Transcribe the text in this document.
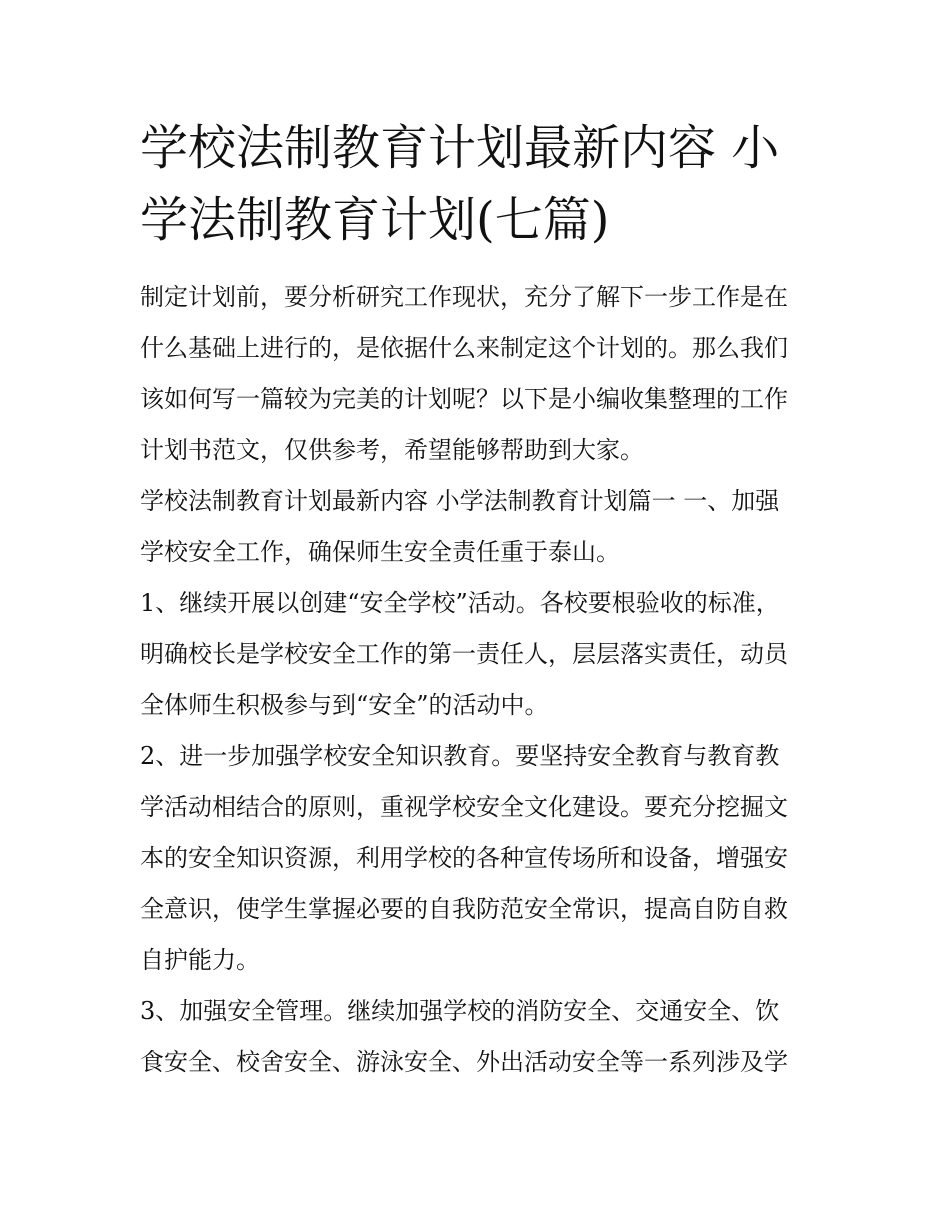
学校法制教育计划最新内容 小学法制教育计划(七篇)
制定计划前，要分析研究工作现状，充分了解下一步工作是在
什么基础上进行的，是依据什么来制定这个计划的。那么我们
该如何写一篇较为完美的计划呢？以下是小编收集整理的工作
计划书范文，仅供参考，希望能够帮助到大家。
学校法制教育计划最新内容 小学法制教育计划篇一 一、加强
学校安全工作，确保师生安全责任重于泰山。
1、继续开展以创建“安全学校”活动。各校要根验收的标准，
明确校长是学校安全工作的第一责任人，层层落实责任，动员
全体师生积极参与到“安全”的活动中。
2、进一步加强学校安全知识教育。要坚持安全教育与教育教
学活动相结合的原则，重视学校安全文化建设。要充分挖掘文
本的安全知识资源，利用学校的各种宣传场所和设备，增强安
全意识，使学生掌握必要的自我防范安全常识，提高自防自救
自护能力。
3、加强安全管理。继续加强学校的消防安全、交通安全、饮
食安全、校舍安全、游泳安全、外出活动安全等一系列涉及学
